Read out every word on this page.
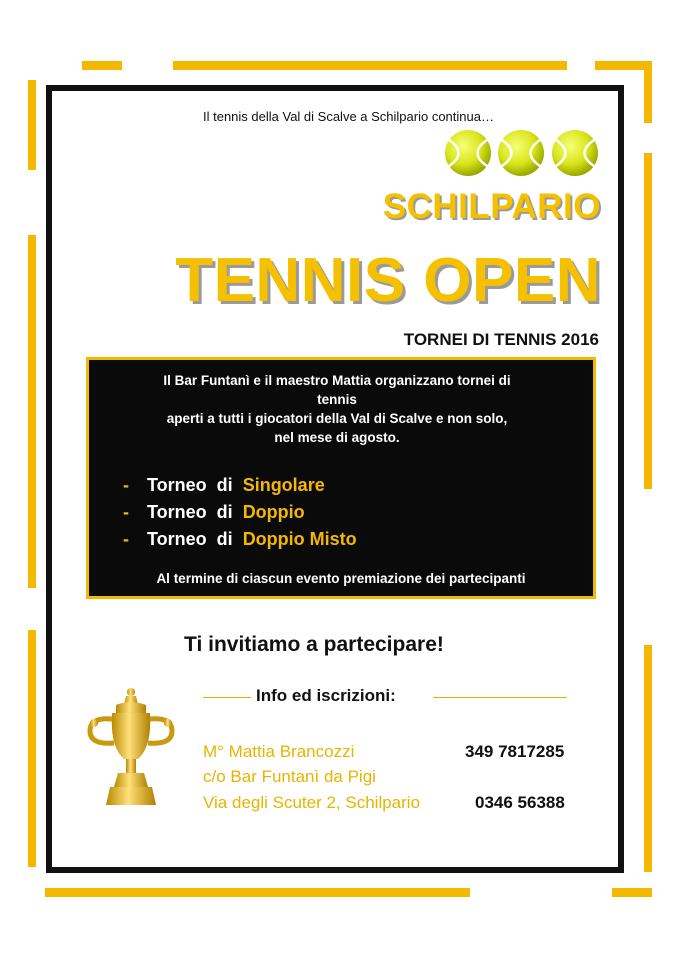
Il tennis della Val di Scalve a Schilpario continua…
SCHILPARIO
TENNIS OPEN
TORNEI DI TENNIS 2016
Il Bar Funtanì e il maestro Mattia organizzano tornei di
tennis
aperti a tutti i giocatori della Val di Scalve e non solo,
nel mese di agosto.
- Torneo  di Singolare
- Torneo  di Doppio
- Torneo  di Doppio Misto
Al termine di ciascun evento premiazione dei partecipanti
Ti invitiamo a partecipare!
Info ed iscrizioni:
M° Mattia Brancozzi
c/o Bar Funtanì da Pigi
Via degli Scuter 2, Schilpario
349 7817285
0346 56388
